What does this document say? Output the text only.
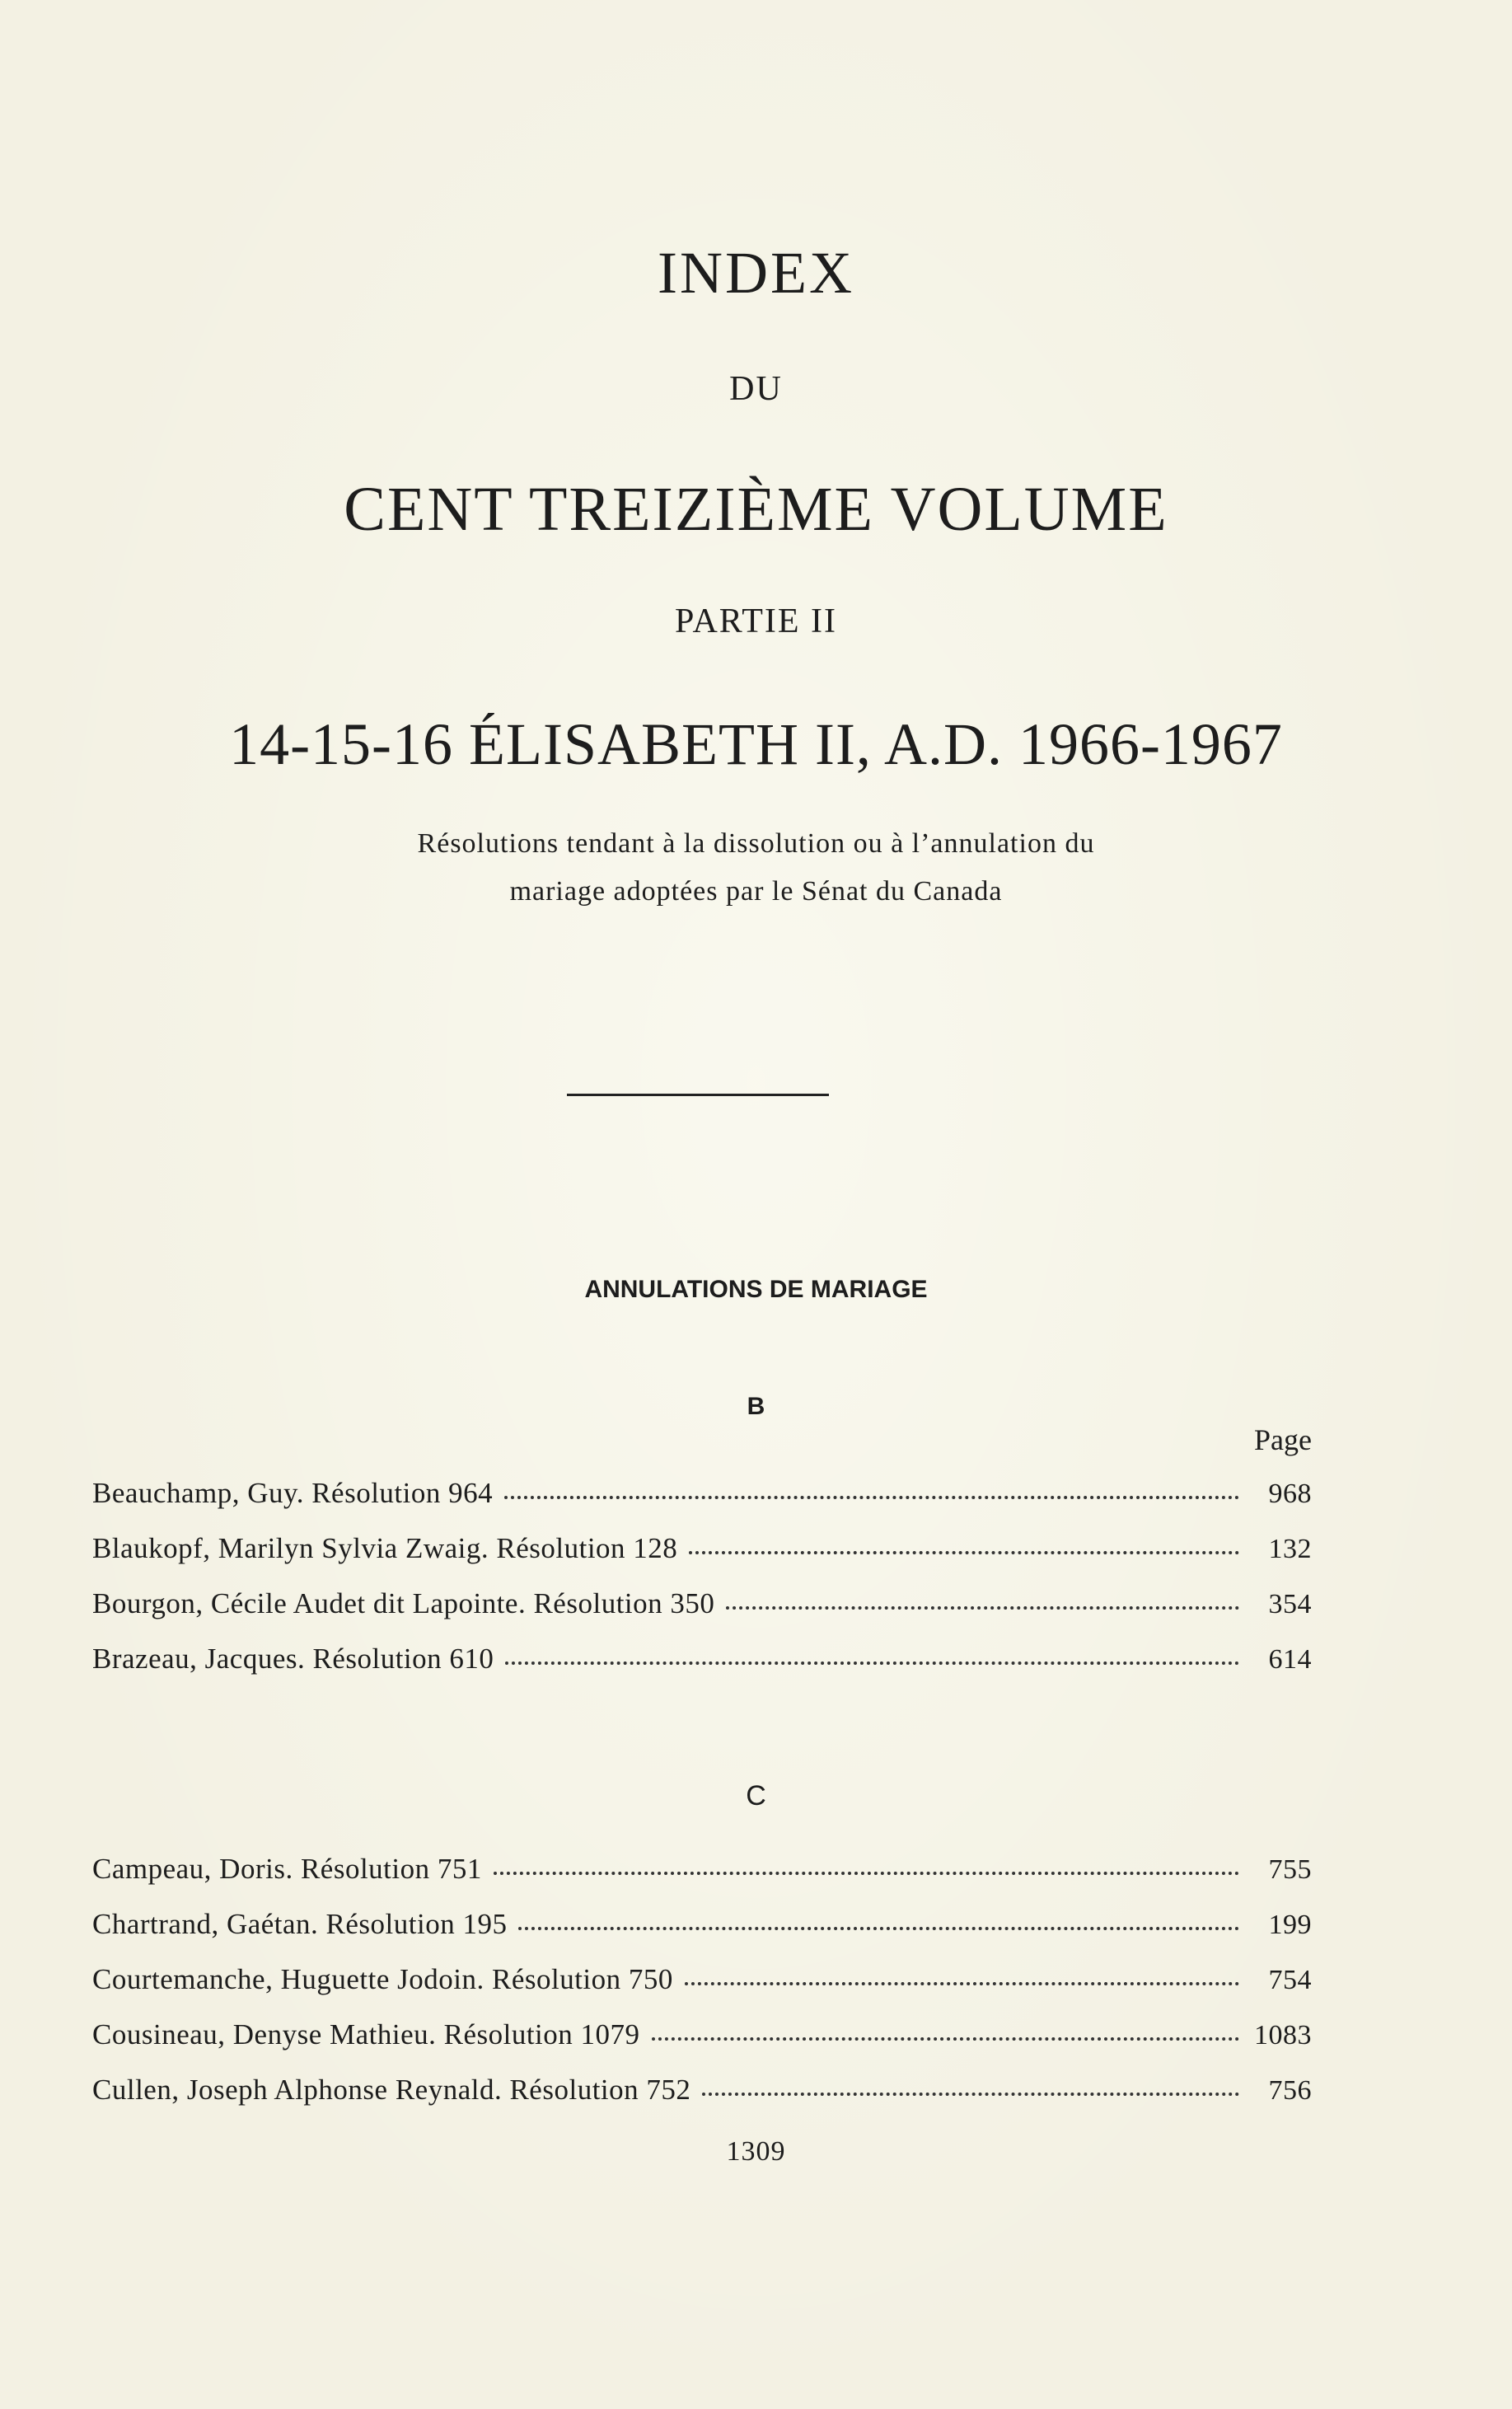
INDEX
DU
CENT TREIZIÈME VOLUME
PARTIE II
14-15-16 ÉLISABETH II, A.D. 1966-1967
Résolutions tendant à la dissolution ou à l’annulation du
mariage adoptées par le Sénat du Canada
ANNULATIONS DE MARIAGE
B
Page
Beauchamp, Guy. Résolution 964	968
Blaukopf, Marilyn Sylvia Zwaig. Résolution 128	132
Bourgon, Cécile Audet dit Lapointe. Résolution 350	354
Brazeau, Jacques. Résolution 610	614
C
Campeau, Doris. Résolution 751	755
Chartrand, Gaétan. Résolution 195	199
Courtemanche, Huguette Jodoin. Résolution 750	754
Cousineau, Denyse Mathieu. Résolution 1079	1083
Cullen, Joseph Alphonse Reynald. Résolution 752	756
1309
